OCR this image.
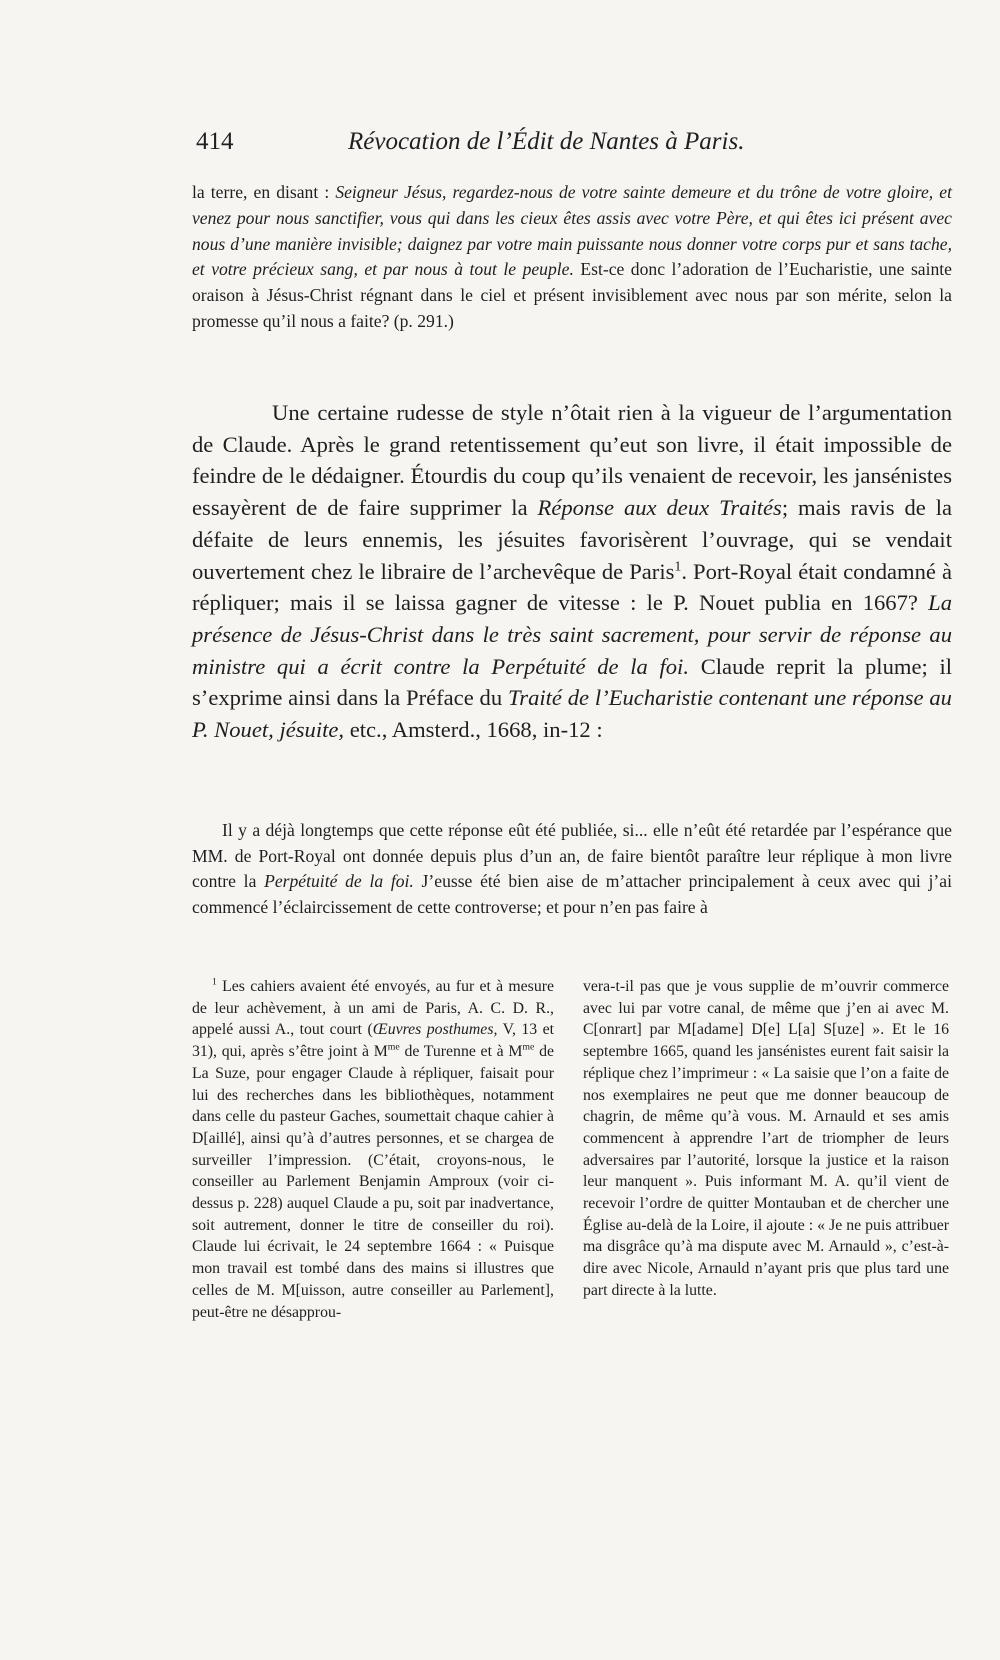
414	Révocation de l’Édit de Nantes à Paris.

la terre, en disant : Seigneur Jésus, regardez-nous de votre sainte demeure et du trône de votre gloire, et venez pour nous sanctifier, vous qui dans les cieux êtes assis avec votre Père, et qui êtes ici présent avec nous d’une manière invisible; daignez par votre main puissante nous donner votre corps pur et sans tache, et votre précieux sang, et par nous à tout le peuple. Est-ce donc l’adoration de l’Eucharistie, une sainte oraison à Jésus-Christ régnant dans le ciel et présent invisiblement avec nous par son mérite, selon la promesse qu’il nous a faite? (p. 291.)

Une certaine rudesse de style n’ôtait rien à la vigueur de l’argumentation de Claude. Après le grand retentissement qu’eut son livre, il était impossible de feindre de le dédaigner. Étourdis du coup qu’ils venaient de recevoir, les jansénistes essayèrent de de faire supprimer la Réponse aux deux Traités; mais ravis de la défaite de leurs ennemis, les jésuites favorisèrent l’ouvrage, qui se vendait ouvertement chez le libraire de l’archevêque de Paris$^1$. Port-Royal était condamné à répliquer; mais il se laissa gagner de vitesse : le P. Nouet publia en 1667? La présence de Jésus-Christ dans le très saint sacrement, pour servir de réponse au ministre qui a écrit contre la Perpétuité de la foi. Claude reprit la plume; il s’exprime ainsi dans la Préface du Traité de l’Eucharistie contenant une réponse au P. Nouet, jésuite, etc., Amsterd., 1668, in-12 :

Il y a déjà longtemps que cette réponse eût été publiée, si... elle n’eût été retardée par l’espérance que MM. de Port-Royal ont donnée depuis plus d’un an, de faire bientôt paraître leur réplique à mon livre contre la Perpétuité de la foi. J’eusse été bien aise de m’attacher principalement à ceux avec qui j’ai commencé l’éclaircissement de cette controverse; et pour n’en pas faire à

$^1$ Les cahiers avaient été envoyés, au fur et à mesure de leur achèvement, à un ami de Paris, A. C. D. R., appelé aussi A., tout court (Œuvres posthumes, V, 13 et 31), qui, après s’être joint à $M^{me}$ de Turenne et à $M^{me}$ de La Suze, pour engager Claude à répliquer, faisait pour lui des recherches dans les bibliothèques, notamment dans celle du pasteur Gaches, soumettait chaque cahier à D[aillé], ainsi qu’à d’autres personnes, et se chargea de surveiller l’impression. (C’était, croyons-nous, le conseiller au Parlement Benjamin Amproux (voir ci-dessus p. 228) auquel Claude a pu, soit par inadvertance, soit autrement, donner le titre de conseiller du roi). Claude lui écrivait, le 24 septembre 1664 : « Puisque mon travail est tombé dans des mains si illustres que celles de M. M[uisson, autre conseiller au Parlement], peut-être ne désapprou-

vera-t-il pas que je vous supplie de m’ouvrir commerce avec lui par votre canal, de même que j’en ai avec M. C[onrart] par M[adame] D[e] L[a] S[uze] ». Et le 16 septembre 1665, quand les jansénistes eurent fait saisir la réplique chez l’imprimeur : « La saisie que l’on a faite de nos exemplaires ne peut que me donner beaucoup de chagrin, de même qu’à vous. M. Arnauld et ses amis commencent à apprendre l’art de triompher de leurs adversaires par l’autorité, lorsque la justice et la raison leur manquent ». Puis informant M. A. qu’il vient de recevoir l’ordre de quitter Montauban et de chercher une Église au-delà de la Loire, il ajoute : « Je ne puis attribuer ma disgrâce qu’à ma dispute avec M. Arnauld », c’est-à-dire avec Nicole, Arnauld n’ayant pris que plus tard une part directe à la lutte.
